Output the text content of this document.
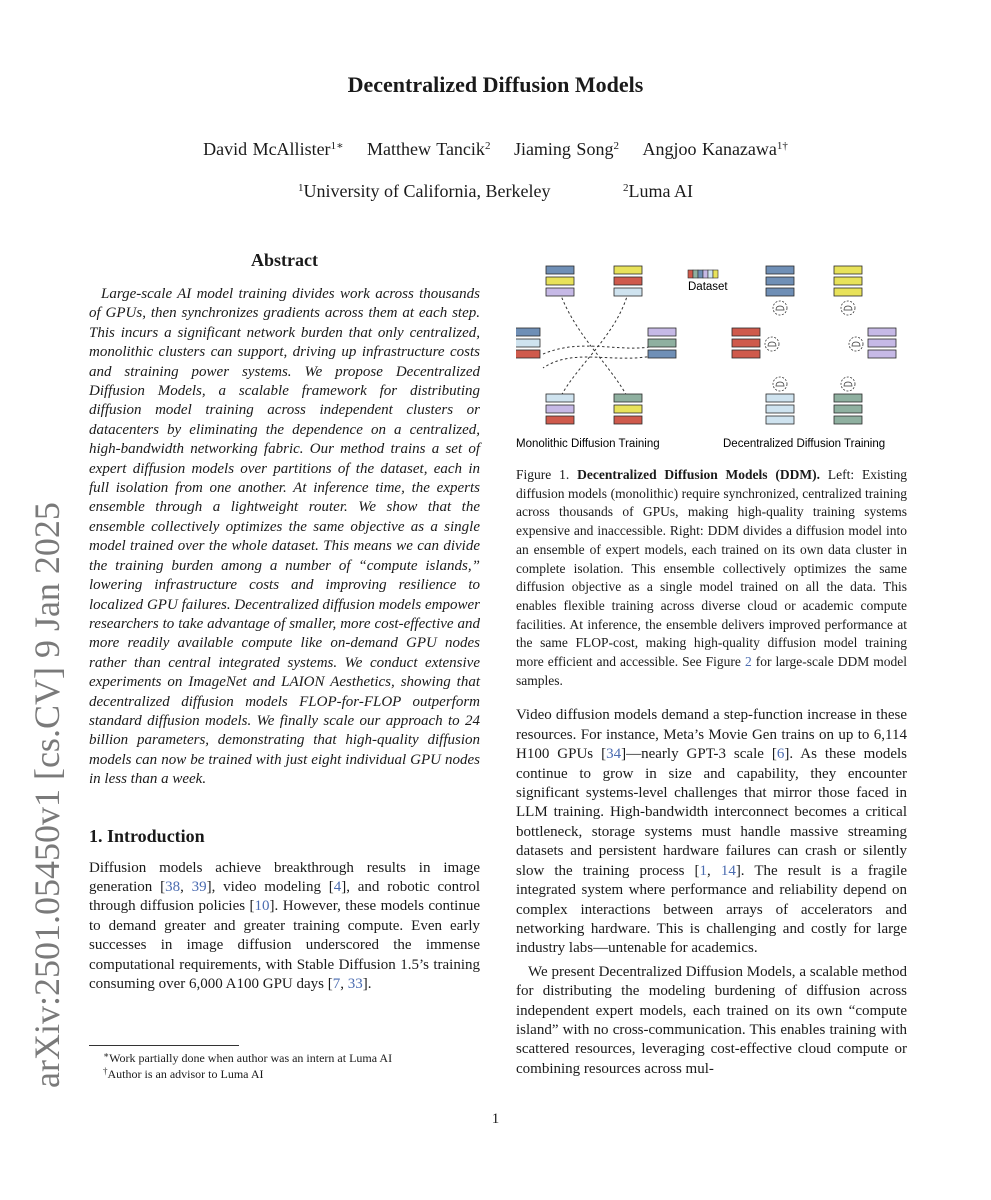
Decentralized Diffusion Models
David McAllister$^{1∗}$ Matthew Tancik$^2$ Jiaming Song$^2$ Angjoo Kanazawa$^{1\dagger}$
$^1$University of California, Berkeley	$^2$Luma AI
arXiv:2501.05450v1 [cs.CV] 9 Jan 2025
Abstract

Large-scale AI model training divides work across thousands of GPUs, then synchronizes gradients across them at each step. This incurs a significant network burden that only centralized, monolithic clusters can support, driving up infrastructure costs and straining power systems. We propose Decentralized Diffusion Models, a scalable framework for distributing diffusion model training across independent clusters or datacenters by eliminating the dependence on a centralized, high-bandwidth networking fabric. Our method trains a set of expert diffusion models over partitions of the dataset, each in full isolation from one another. At inference time, the experts ensemble through a lightweight router. We show that the ensemble collectively optimizes the same objective as a single model trained over the whole dataset. This means we can divide the training burden among a number of “compute islands,” lowering infrastructure costs and improving resilience to localized GPU failures. Decentralized diffusion models empower researchers to take advantage of smaller, more cost-effective and more readily available compute like on-demand GPU nodes rather than central integrated systems. We conduct extensive experiments on ImageNet and LAION Aesthetics, showing that decentralized diffusion models FLOP-for-FLOP outperform standard diffusion models. We finally scale our approach to 24 billion parameters, demonstrating that high-quality diffusion models can now be trained with just eight individual GPU nodes in less than a week.

1. Introduction

Diffusion models achieve breakthrough results in image generation [38, 39], video modeling [4], and robotic control through diffusion policies [10]. However, these models continue to demand greater and greater training compute. Even early successes in image diffusion underscored the immense computational requirements, with Stable Diffusion 1.5’s training consuming over 6,000 A100 GPU days [7, 33].

∗Work partially done when author was an intern at Luma AI
†Author is an advisor to Luma AI
Dataset
Monolithic Diffusion Training	Decentralized Diffusion Training

Figure 1. Decentralized Diffusion Models (DDM). Left: Existing diffusion models (monolithic) require synchronized, centralized training across thousands of GPUs, making high-quality training systems expensive and inaccessible. Right: DDM divides a diffusion model into an ensemble of expert models, each trained on its own data cluster in complete isolation. This ensemble collectively optimizes the same diffusion objective as a single model trained on all the data. This enables flexible training across diverse cloud or academic compute facilities. At inference, the ensemble delivers improved performance at the same FLOP-cost, making high-quality diffusion model training more efficient and accessible. See Figure 2 for large-scale DDM model samples.

Video diffusion models demand a step-function increase in these resources. For instance, Meta’s Movie Gen trains on up to 6,114 H100 GPUs [34]—nearly GPT-3 scale [6]. As these models continue to grow in size and capability, they encounter significant systems-level challenges that mirror those faced in LLM training. High-bandwidth interconnect becomes a critical bottleneck, storage systems must handle massive streaming datasets and persistent hardware failures can crash or silently slow the training process [1, 14]. The result is a fragile integrated system where performance and reliability depend on complex interactions between arrays of accelerators and networking hardware. This is challenging and costly for large industry labs—untenable for academics.

We present Decentralized Diffusion Models, a scalable method for distributing the modeling burdening of diffusion across independent expert models, each trained on its own “compute island” with no cross-communication. This enables training with scattered resources, leveraging cost-effective cloud compute or combining resources across mul-

1
